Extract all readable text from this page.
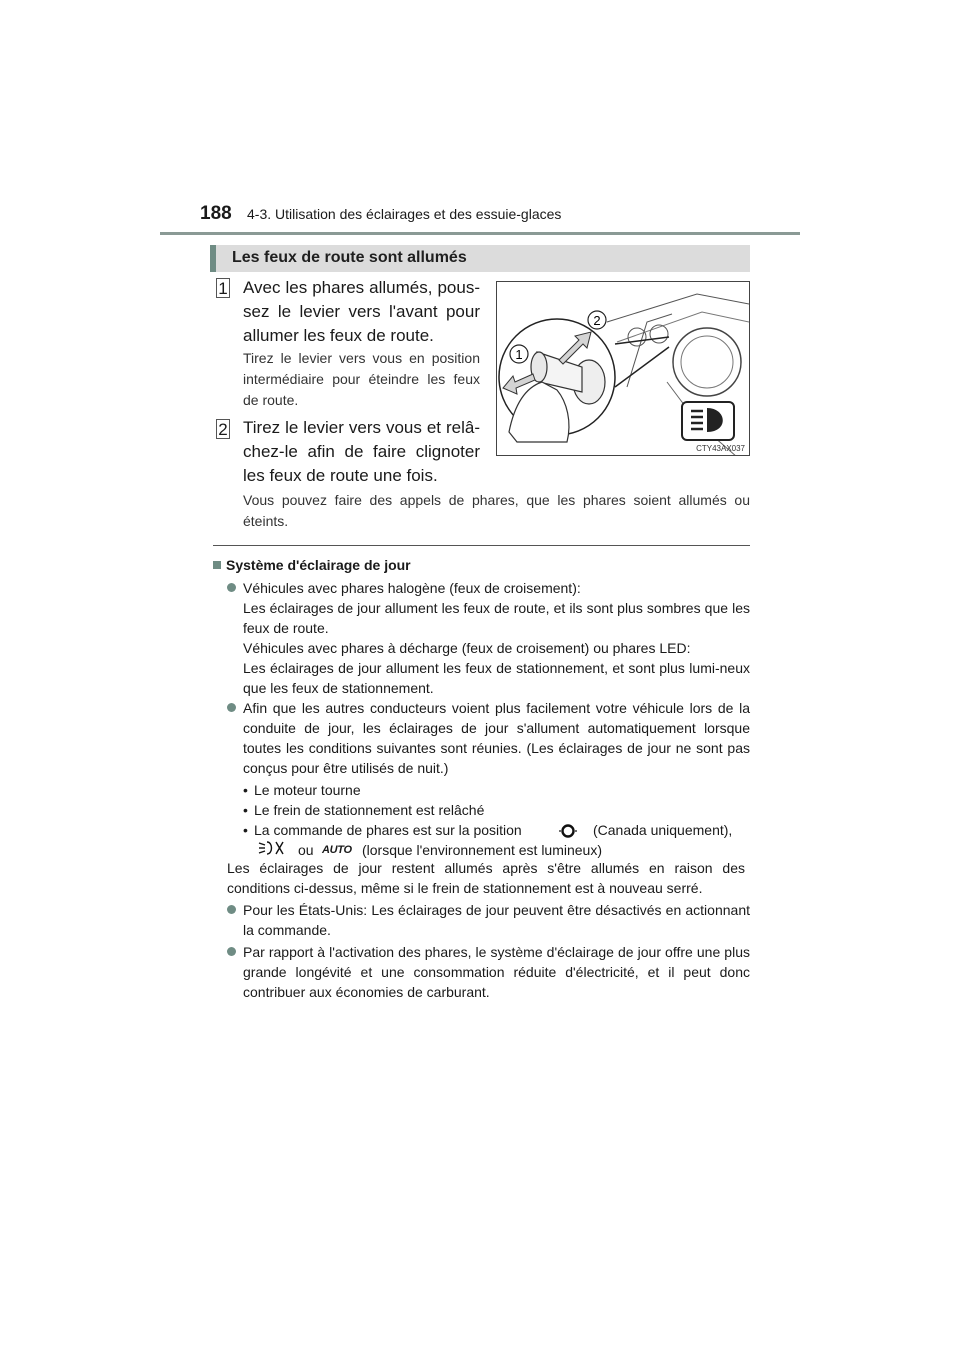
188 4-3. Utilisation des éclairages et des essuie-glaces
Les feux de route sont allumés
1 Avec les phares allumés, pous-sez le levier vers l'avant pour allumer les feux de route.
Tirez le levier vers vous en position intermédiaire pour éteindre les feux de route.
2 Tirez le levier vers vous et relâ-chez-le afin de faire clignoter les feux de route une fois.
Vous pouvez faire des appels de phares, que les phares soient allumés ou éteints.
1
2
CTY43AX037
Système d'éclairage de jour
Véhicules avec phares halogène (feux de croisement):
Les éclairages de jour allument les feux de route, et ils sont plus sombres que les feux de route.
Véhicules avec phares à décharge (feux de croisement) ou phares LED:
Les éclairages de jour allument les feux de stationnement, et sont plus lumi-neux que les feux de stationnement.
Afin que les autres conducteurs voient plus facilement votre véhicule lors de la conduite de jour, les éclairages de jour s'allument automatiquement lorsque toutes les conditions suivantes sont réunies. (Les éclairages de jour ne sont pas conçus pour être utilisés de nuit.)
• Le moteur tourne
• Le frein de stationnement est relâché
• La commande de phares est sur la position	(Canada uniquement),
ou AUTO (lorsque l'environnement est lumineux)
Les éclairages de jour restent allumés après s'être allumés en raison des conditions ci-dessus, même si le frein de stationnement est à nouveau serré.
Pour les États-Unis: Les éclairages de jour peuvent être désactivés en actionnant la commande.
Par rapport à l'activation des phares, le système d'éclairage de jour offre une plus grande longévité et une consommation réduite d'électricité, et il peut donc contribuer aux économies de carburant.
